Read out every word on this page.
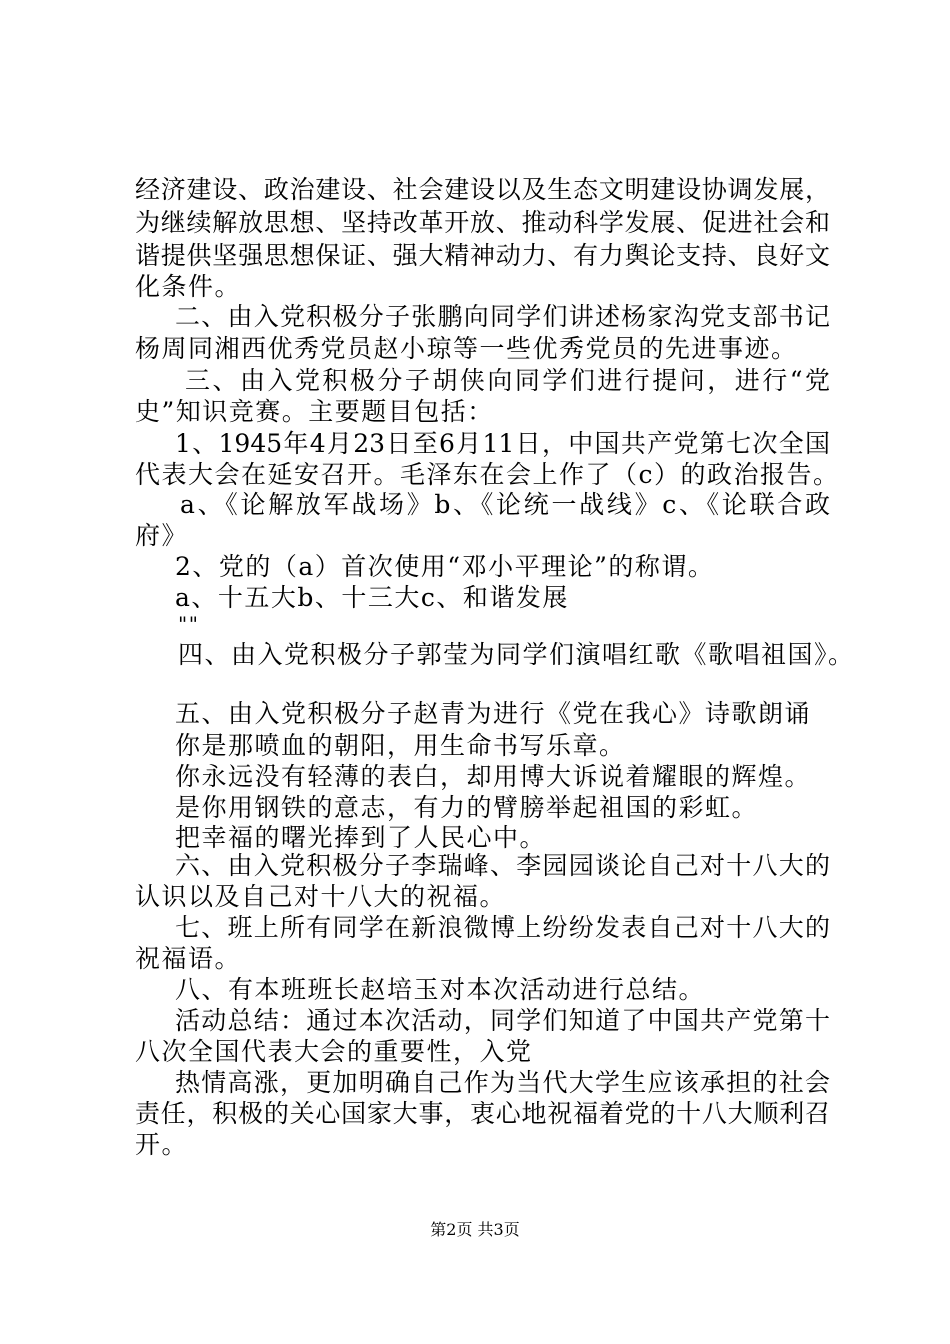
经济建设、政治建设、社会建设以及生态文明建设协调发展，
为继续解放思想、坚持改革开放、推动科学发展、促进社会和
谐提供坚强思想保证、强大精神动力、有力舆论支持、良好文
化条件。
二、由入党积极分子张鹏向同学们讲述杨家沟党支部书记
杨周同湘西优秀党员赵小琼等一些优秀党员的先进事迹。
三、由入党积极分子胡侠向同学们进行提问，进行“党
史”知识竞赛。主要题目包括：
1、1945年4月23日至6月11日，中国共产党第七次全国
代表大会在延安召开。毛泽东在会上作了（c）的政治报告。
a、《论解放军战场》b、《论统一战线》c、《论联合政
府》
2、党的（a）首次使用“邓小平理论”的称谓。
a、十五大b、十三大c、和谐发展
""
四、由入党积极分子郭莹为同学们演唱红歌《歌唱祖国》。
五、由入党积极分子赵青为进行《党在我心》诗歌朗诵
你是那喷血的朝阳，用生命书写乐章。
你永远没有轻薄的表白，却用博大诉说着耀眼的辉煌。
是你用钢铁的意志，有力的臂膀举起祖国的彩虹。
把幸福的曙光捧到了人民心中。
六、由入党积极分子李瑞峰、李园园谈论自己对十八大的
认识以及自己对十八大的祝福。
七、班上所有同学在新浪微博上纷纷发表自己对十八大的
祝福语。
八、有本班班长赵培玉对本次活动进行总结。
活动总结：通过本次活动，同学们知道了中国共产党第十
八次全国代表大会的重要性，入党
热情高涨，更加明确自己作为当代大学生应该承担的社会
责任，积极的关心国家大事，衷心地祝福着党的十八大顺利召
开。
第2页 共3页
